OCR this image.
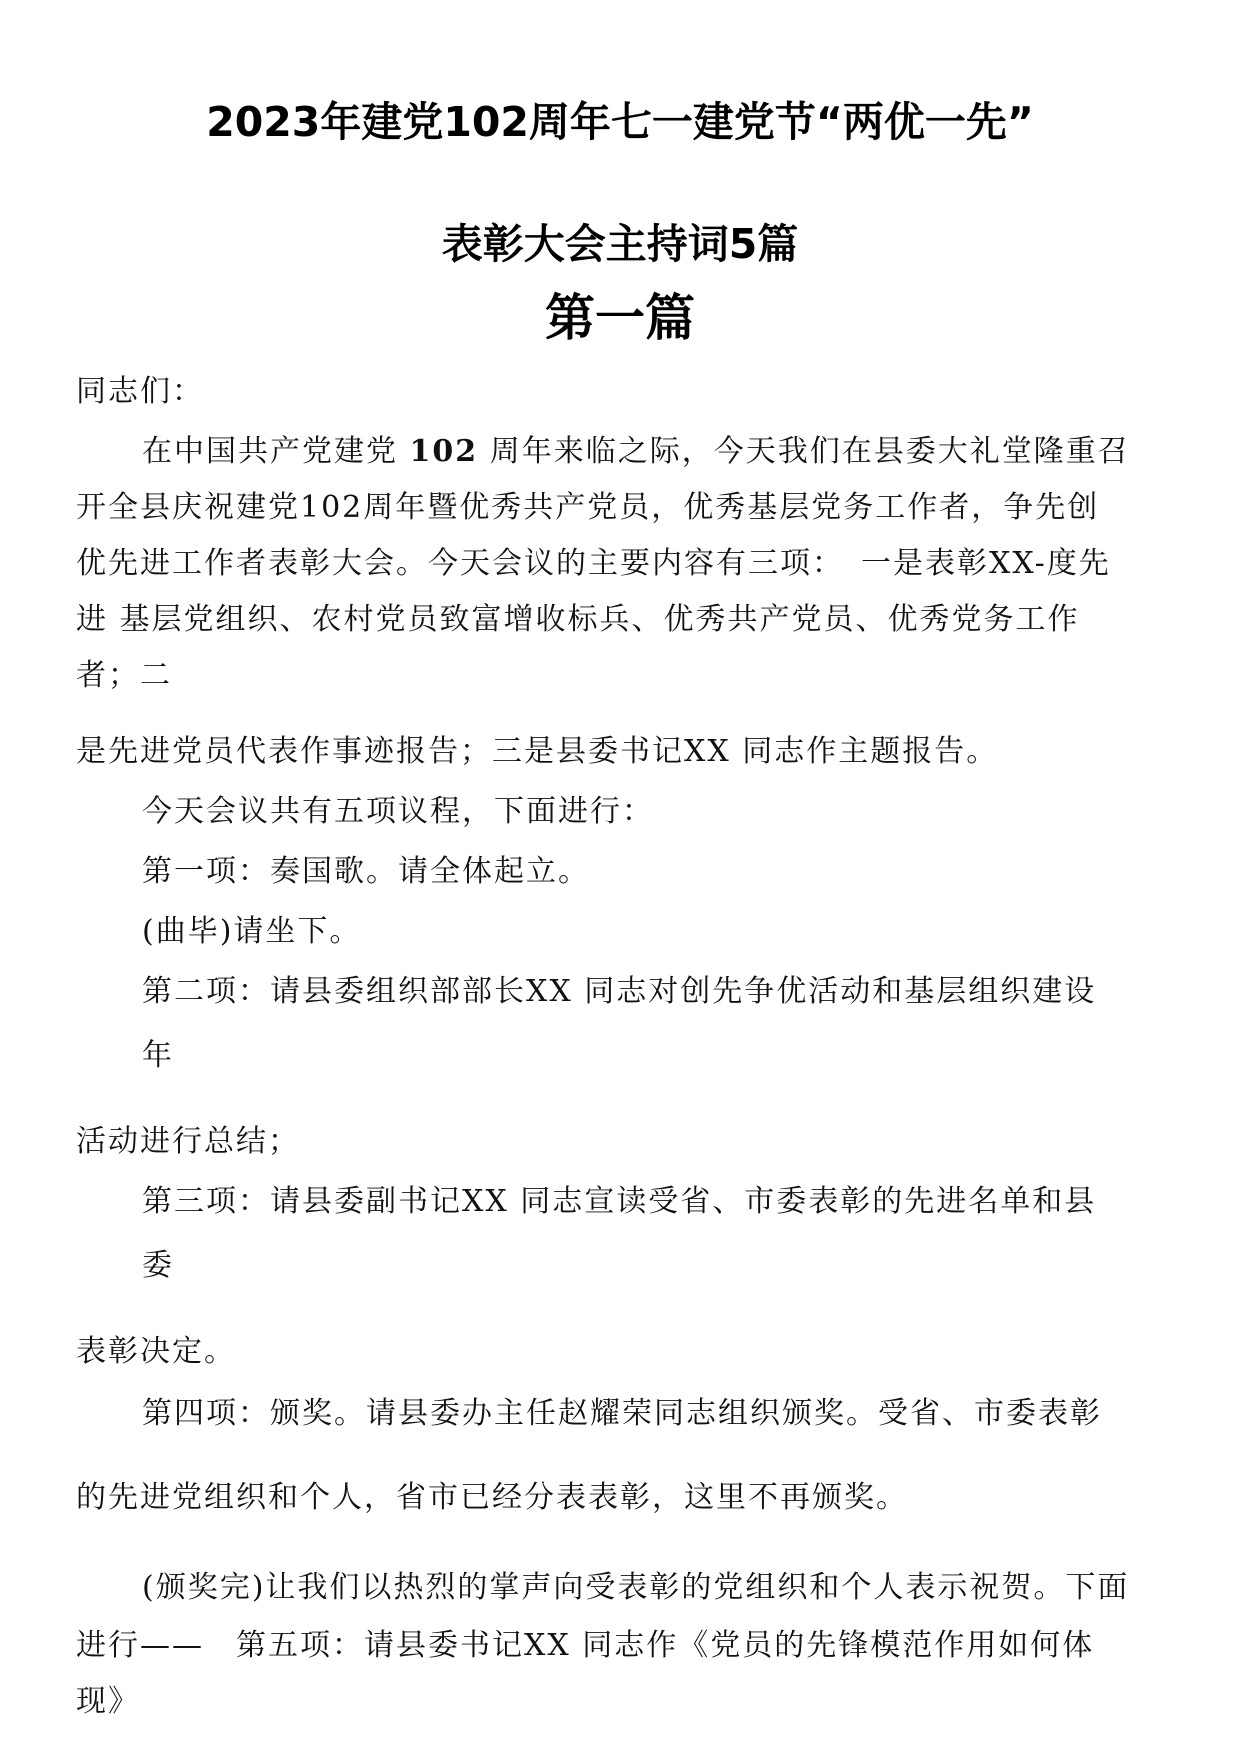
2023年建党102周年七一建党节“两优一先”
表彰大会主持词5篇
第一篇
同志们：
在中国共产党建党 102 周年来临之际，今天我们在县委大礼堂隆重召
开全县庆祝建党102周年暨优秀共产党员，优秀基层党务工作者，争先创
优先进工作者表彰大会。今天会议的主要内容有三项：　一是表彰XX-度先
进 基层党组织、农村党员致富增收标兵、优秀共产党员、优秀党务工作
者；二
是先进党员代表作事迹报告；三是县委书记XX 同志作主题报告。
今天会议共有五项议程，下面进行：
第一项：奏国歌。请全体起立。
(曲毕)请坐下。
第二项：请县委组织部部长XX 同志对创先争优活动和基层组织建设
年
活动进行总结；
第三项：请县委副书记XX 同志宣读受省、市委表彰的先进名单和县
委
表彰决定。
第四项：颁奖。请县委办主任赵耀荣同志组织颁奖。受省、市委表彰
的先进党组织和个人，省市已经分表表彰，这里不再颁奖。
(颁奖完)让我们以热烈的掌声向受表彰的党组织和个人表示祝贺。下面
进行——　第五项：请县委书记XX 同志作《党员的先锋模范作用如何体
现》
